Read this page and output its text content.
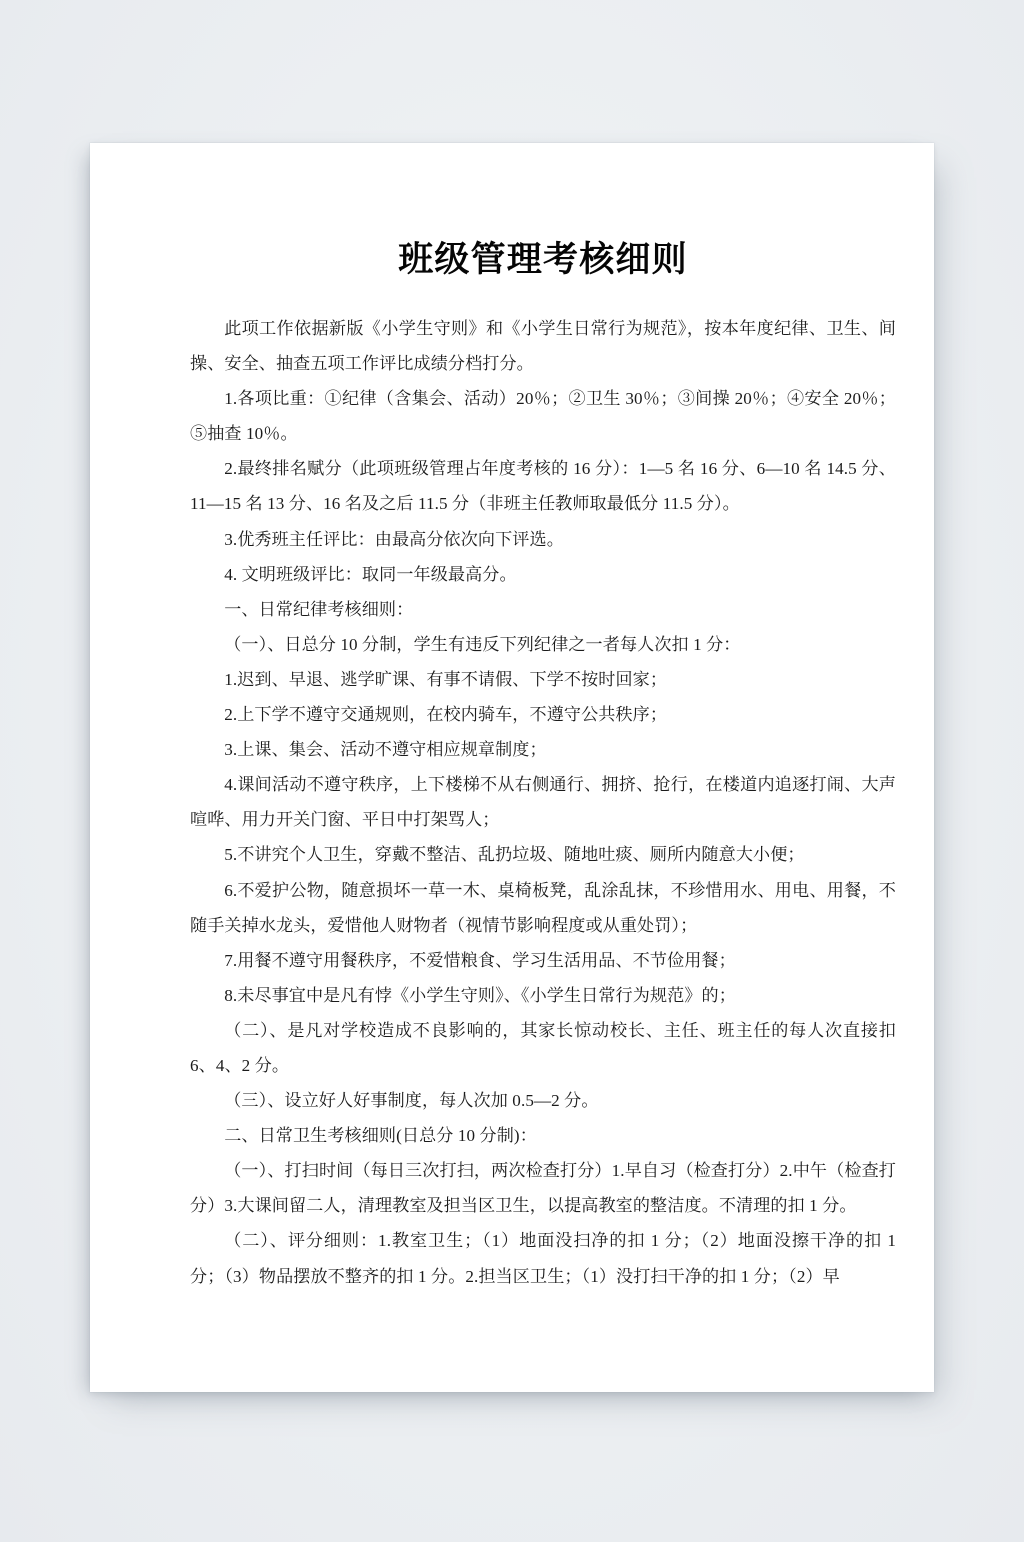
班级管理考核细则

此项工作依据新版《小学生守则》和《小学生日常行为规范》，按本年度纪律、卫生、间操、安全、抽查五项工作评比成绩分档打分。

1.各项比重：①纪律（含集会、活动）20％；②卫生 30％；③间操 20％；④安全 20％；⑤抽查 10％。

2.最终排名赋分（此项班级管理占年度考核的 16 分）：1—5 名 16 分、6—10 名 14.5 分、11—15 名 13 分、16 名及之后 11.5 分（非班主任教师取最低分 11.5 分）。

3.优秀班主任评比：由最高分依次向下评选。

4. 文明班级评比：取同一年级最高分。

一、日常纪律考核细则：

（一）、日总分 10 分制，学生有违反下列纪律之一者每人次扣 1 分：

1.迟到、早退、逃学旷课、有事不请假、下学不按时回家；

2.上下学不遵守交通规则，在校内骑车，不遵守公共秩序；

3.上课、集会、活动不遵守相应规章制度；

4.课间活动不遵守秩序，上下楼梯不从右侧通行、拥挤、抢行，在楼道内追逐打闹、大声喧哗、用力开关门窗、平日中打架骂人；

5.不讲究个人卫生，穿戴不整洁、乱扔垃圾、随地吐痰、厕所内随意大小便；

6.不爱护公物，随意损坏一草一木、桌椅板凳，乱涂乱抹，不珍惜用水、用电、用餐，不随手关掉水龙头，爱惜他人财物者（视情节影响程度或从重处罚）；

7.用餐不遵守用餐秩序，不爱惜粮食、学习生活用品、不节俭用餐；

8.未尽事宜中是凡有悖《小学生守则》、《小学生日常行为规范》的；

（二）、是凡对学校造成不良影响的，其家长惊动校长、主任、班主任的每人次直接扣 6、4、2 分。

（三）、设立好人好事制度，每人次加 0.5—2 分。

二、日常卫生考核细则(日总分 10 分制)：

（一）、打扫时间（每日三次打扫，两次检查打分）1.早自习（检查打分）2.中午（检查打分）3.大课间留二人，清理教室及担当区卫生，以提高教室的整洁度。不清理的扣 1 分。

（二）、评分细则：1.教室卫生；（1）地面没扫净的扣 1 分；（2）地面没擦干净的扣 1 分；（3）物品摆放不整齐的扣 1 分。2.担当区卫生；（1）没打扫干净的扣 1 分；（2）早
